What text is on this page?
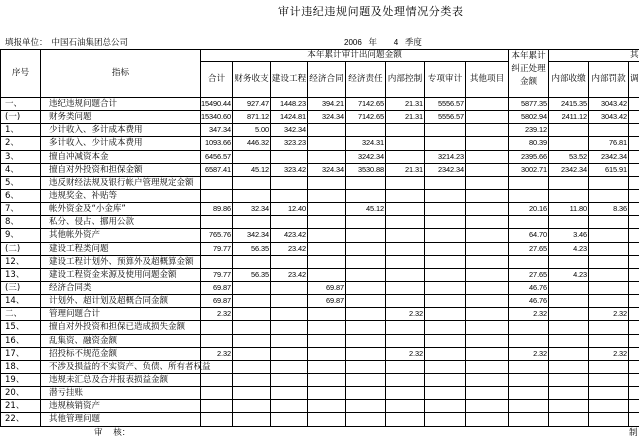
审计违纪违规问题及处理情况分类表
填报单位： 中国石油集团总公司	2006 年 4 季度
序号	指标	本年累计审计出问题金额								本年累计
纠正处理
金额	其		
		合计	财务收支	建设工程	经济合同	经济责任	内部控制	专项审计	其他项目		内部收缴	内部罚款	调
一、	违纪违规问题合计	15490.44	927.47	1448.23	394.21	7142.65	21.31	5556.57		5877.35	2415.35	3043.42	
(一)	财务类问题	15340.60	871.12	1424.81	324.34	7142.65	21.31	5556.57		5802.94	2411.12	3043.42	
1、	少计收入、多计成本费用	347.34	5.00	342.34						239.12			
2、	多计收入、少计成本费用	1093.66	446.32	323.23		324.31				80.39		76.81	
3、	擅自冲减资本金	6456.57				3242.34		3214.23		2395.66	53.52	2342.34	
4、	擅自对外投资和担保金额	6587.41	45.12	323.42	324.34	3530.88	21.31	2342.34		3002.71	2342.34	615.91	
5、	违反财经法规及银行帐户管理规定金额												
6、	违规奖金、补贴等												
7、	帐外资金及“小金库”	89.86	32.34	12.40		45.12				20.16	11.80	8.36	
8、	私分、侵占、挪用公款												
9、	其他帐外资产	765.76	342.34	423.42						64.70	3.46		
(二)	建设工程类问题	79.77	56.35	23.42						27.65	4.23		
12、	建设工程计划外、预算外及超概算金额												
13、	建设工程资金来源及使用问题金额	79.77	56.35	23.42						27.65	4.23		
(三)	经济合同类	69.87			69.87					46.76			
14、	计划外、超计划及超概合同金额	69.87			69.87					46.76			
二、	管理问题合计	2.32					2.32			2.32		2.32	
15、	擅自对外投资和担保已造成损失金额												
16、	乱集资、融资金额												
17、	招投标不规范金额	2.32					2.32			2.32		2.32	
18、	不涉及损益的不实资产、负债、所有者权益												
19、	违规未汇总及合并报表损益金额												
20、	潜亏挂账												
21、	违规核销资产												
22、	其他管理问题												
审    核：	制
